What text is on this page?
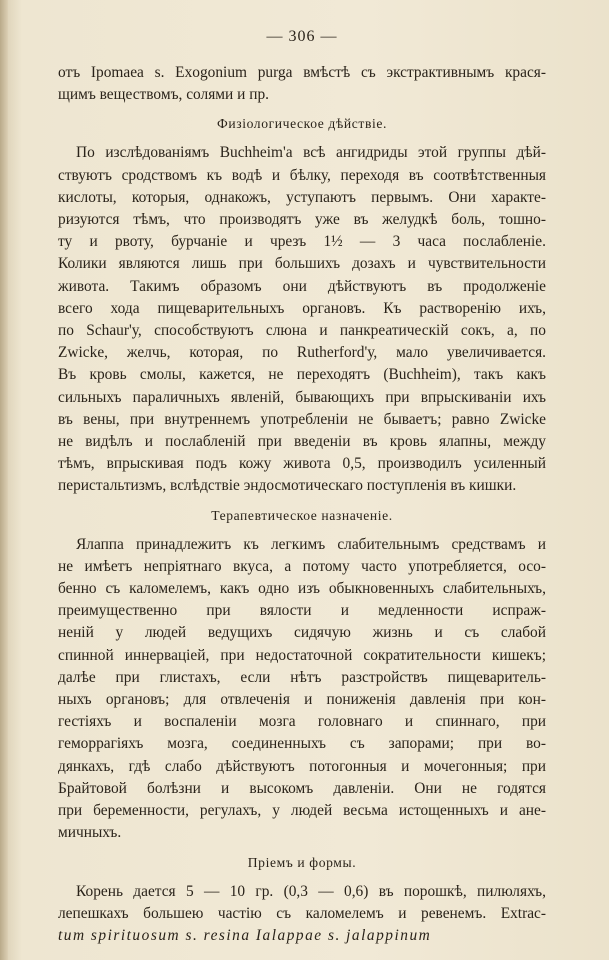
— 306 —
отъ Ipomaea s. Exogonium purga вмѣстѣ съ экстрактивнымъ крася-
щимъ веществомъ, солями и пр.
Физiологическое дѣйствiе.
По изслѣдованiямъ Buchheim'а всѣ ангидриды этой группы дѣй-
ствуютъ сродствомъ къ водѣ и бѣлку, переходя въ соотвѣтственныя
кислоты, которыя, однакожъ, уступаютъ первымъ. Они характе-
ризуются тѣмъ, что производятъ уже въ желудкѣ боль, тошно-
ту и рвоту, бурчанiе и чрезъ 1½ — 3 часа послабленiе.
Колики являются лишь при большихъ дозахъ и чувствительности
живота. Такимъ образомъ они дѣйствуютъ въ продолженiе
всего хода пищеварительныхъ органовъ. Къ раствoренiю ихъ,
по Schaur'у, способствуютъ слюна и панкреатическiй сокъ, а, по
Zwicke, желчь, которая, по Rutherford'у, мало увеличивается.
Въ кровь смолы, кажется, не переходятъ (Buchheim), такъ какъ
сильныхъ параличныхъ явленiй, бывающихъ при впрыскиванiи ихъ
въ вены, при внутреннемъ употребленiи не бываетъ; равно Zwicke
не видѣлъ и послабленiй при введенiи въ кровь ялапны, между
тѣмъ, впрыскивая подъ кожу живота 0,5, производилъ усиленный
перистальтизмъ, вслѣдствiе эндосмотическаго поступленiя въ кишки.
Терапевтическое назначенiе.
Ялаппа принадлежитъ къ легкимъ слабительнымъ средствамъ и
не имѣетъ непрiятнаго вкуса, а потому часто употребляется, осо-
бенно съ каломелемъ, какъ одно изъ обыкновенныхъ слабительныхъ,
преимущественно при вялости и медленности испраж-
ненiй у людей ведущихъ сидячую жизнь и съ слабой
спинной иннервацiей, при недостаточной сократительности кишекъ;
далѣе при глистахъ, если нѣтъ разстройствъ пищеваритель-
ныхъ органовъ; для отвлеченiя и пониженiя давленiя при кон-
гестiяхъ и воспаленiи мозга головнаго и спиннаго, при
геморрагiяхъ мозга, соединенныхъ съ запорами; при во-
дянкахъ, гдѣ слабо дѣйствуютъ потогонныя и мочегонныя; при
Брайтовой болѣзни и высокомъ давленiи. Они не годятся
при беременности, регулахъ, у людей весьма истощенныхъ и ане-
мичныхъ.
Прiемъ и формы.
Корень дается 5 — 10 гр. (0,3 — 0,6) въ порошкѣ, пилюляхъ,
лепешкахъ большею частiю съ каломелемъ и ревенемъ. Extrac-
tum spirituosum s. resina Ialappae s. jalappinum
